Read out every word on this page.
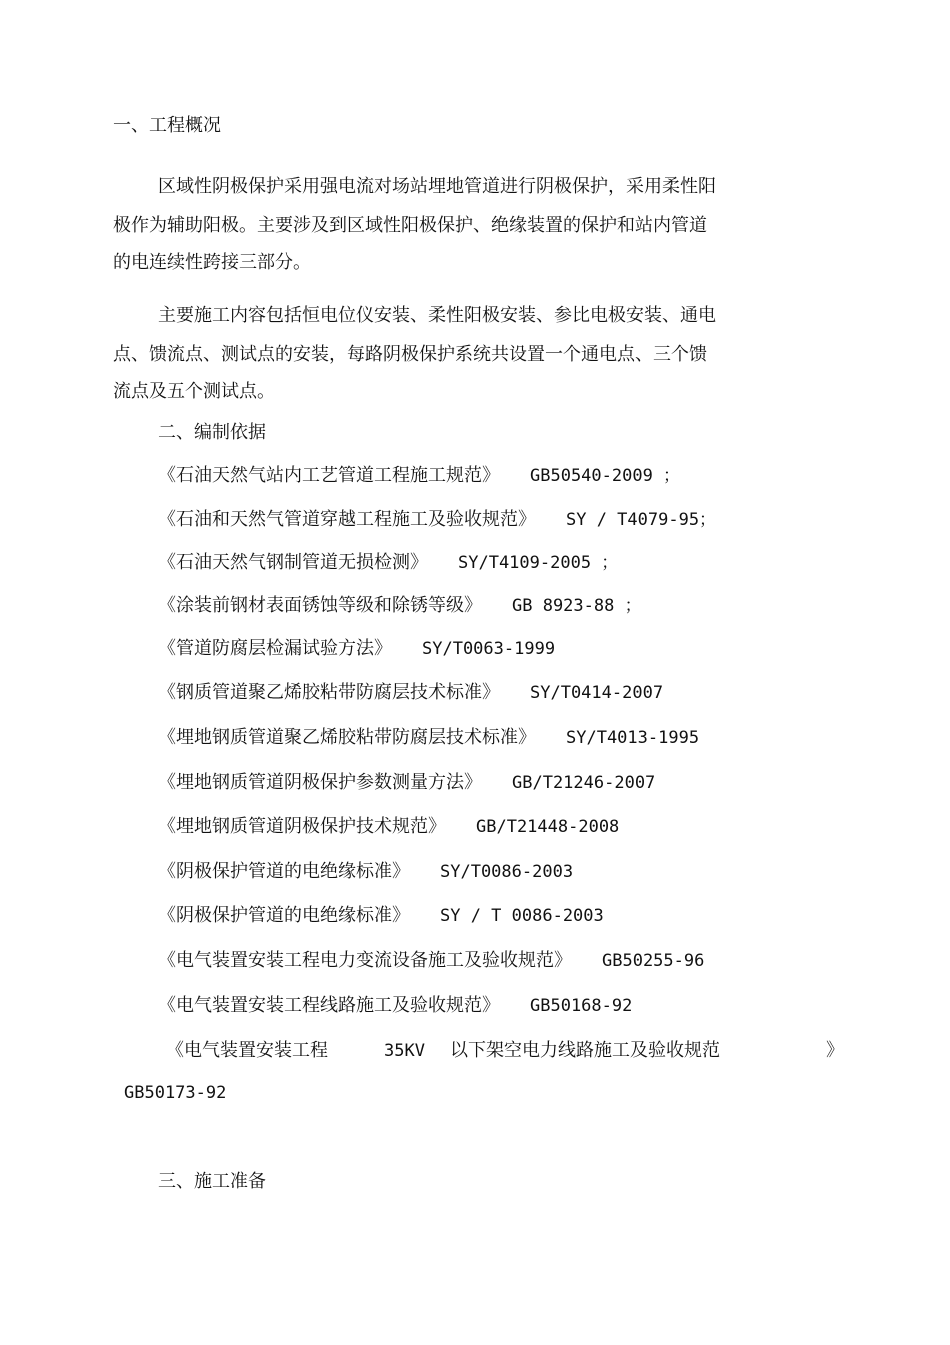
一、工程概况
区域性阴极保护采用强电流对场站埋地管道进行阴极保护，采用柔性阳
极作为辅助阳极。主要涉及到区域性阳极保护、绝缘装置的保护和站内管道
的电连续性跨接三部分。
主要施工内容包括恒电位仪安装、柔性阳极安装、参比电极安装、通电
点、馈流点、测试点的安装，每路阴极保护系统共设置一个通电点、三个馈
流点及五个测试点。
二、编制依据
《石油天然气站内工艺管道工程施工规范》 GB50540-2009 ；
《石油和天然气管道穿越工程施工及验收规范》 SY / T4079-95；
《石油天然气钢制管道无损检测》 SY/T4109-2005 ；
《涂装前钢材表面锈蚀等级和除锈等级》 GB 8923-88 ；
《管道防腐层检漏试验方法》 SY/T0063-1999
《钢质管道聚乙烯胶粘带防腐层技术标准》 SY/T0414-2007
《埋地钢质管道聚乙烯胶粘带防腐层技术标准》 SY/T4013-1995
《埋地钢质管道阴极保护参数测量方法》 GB/T21246-2007
《埋地钢质管道阴极保护技术规范》 GB/T21448-2008
《阴极保护管道的电绝缘标准》 SY/T0086-2003
《阴极保护管道的电绝缘标准》 SY / T 0086-2003
《电气装置安装工程电力变流设备施工及验收规范》 GB50255-96
《电气装置安装工程线路施工及验收规范》 GB50168-92
《电气装置安装工程	35KV 以下架空电力线路施工及验收规范	》
GB50173-92
三、施工准备
